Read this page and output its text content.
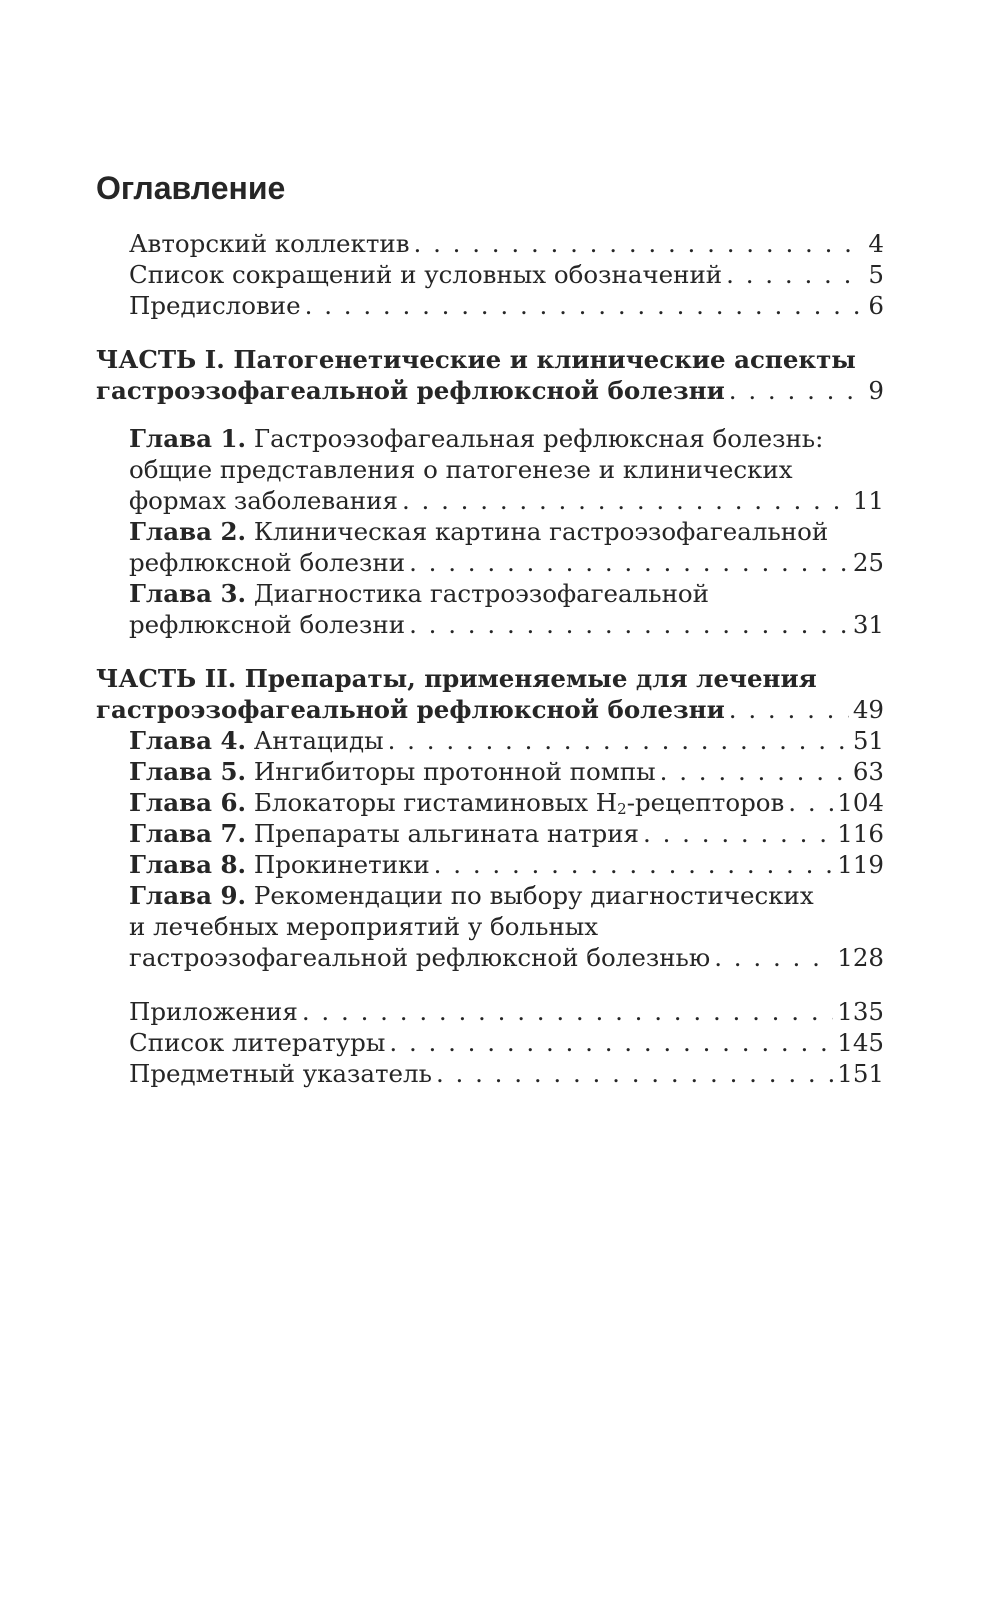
Оглавление
Авторский коллектив . . .	4
Список сокращений и условных обозначений . . .	5
Предисловие . . .	6
ЧАСТЬ I. Патогенетические и клинические аспекты
гастроэзофагеальной рефлюксной болезни . . .	9
Глава 1.
Гастроэзофагеальная рефлюксная болезнь:
общие представления о патогенезе и клинических
формах заболевания . . .	11
Глава 2.
Клиническая картина гастроэзофагеальной
рефлюксной болезни . . .	25
Глава 3.
Диагностика гастроэзофагеальной
рефлюксной болезни . . .	31
ЧАСТЬ II. Препараты, применяемые для лечения
гастроэзофагеальной рефлюксной болезни . . .	49
Глава 4.
Антациды . . .	51
Глава 5.
Ингибиторы протонной помпы . . .	63
Глава 6.
Блокаторы гистаминовых $H_2$-рецепторов . . . 104
Глава 7.
Препараты альгината натрия . . .	116
Глава 8.
Прокинетики . . .	119
Глава 9.
Рекомендации по выбору диагностических
и лечебных мероприятий у больных
гастроэзофагеальной рефлюксной болезнью . . .	128
Приложения . . .	135
Список литературы . . .	145
Предметный указатель . . .	151
